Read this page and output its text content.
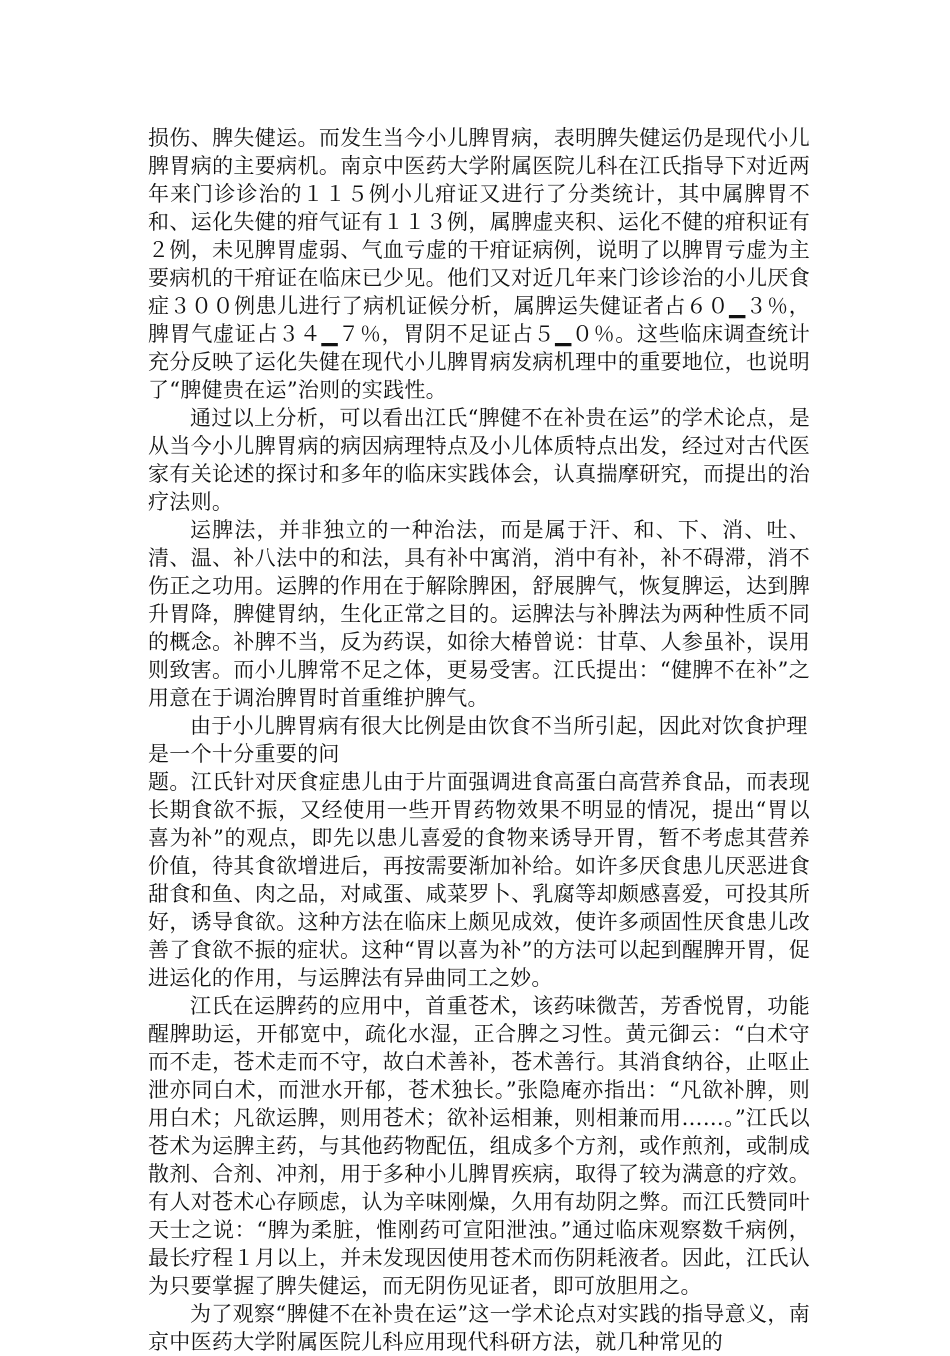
损伤、脾失健运。而发生当今小儿脾胃病，表明脾失健运仍是现代小儿脾胃病的主要病机。南京中医药大学附属医院儿科在江氏指导下对近两年来门诊诊治的１１５例小儿疳证又进行了分类统计，其中属脾胃不和、运化失健的疳气证有１１３例，属脾虚夹积、运化不健的疳积证有２例，未见脾胃虚弱、气血亏虚的干疳证病例，说明了以脾胃亏虚为主要病机的干疳证在临床已少见。他们又对近几年来门诊诊治的小儿厌食症３００例患儿进行了病机证候分析，属脾运失健证者占６０▁３％，脾胃气虚证占３４▁７％，胃阴不足证占５▁０％。这些临床调查统计充分反映了运化失健在现代小儿脾胃病发病机理中的重要地位，也说明了“脾健贵在运”治则的实践性。

通过以上分析，可以看出江氏“脾健不在补贵在运”的学术论点，是从当今小儿脾胃病的病因病理特点及小儿体质特点出发，经过对古代医家有关论述的探讨和多年的临床实践体会，认真揣摩研究，而提出的治疗法则。

运脾法，并非独立的一种治法，而是属于汗、和、下、消、吐、清、温、补八法中的和法，具有补中寓消，消中有补，补不碍滞，消不伤正之功用。运脾的作用在于解除脾困，舒展脾气，恢复脾运，达到脾升胃降，脾健胃纳，生化正常之目的。运脾法与补脾法为两种性质不同的概念。补脾不当，反为药误，如徐大椿曾说：甘草、人参虽补，误用则致害。而小儿脾常不足之体，更易受害。江氏提出：“健脾不在补”之用意在于调治脾胃时首重维护脾气。

由于小儿脾胃病有很大比例是由饮食不当所引起，因此对饮食护理是一个十分重要的问

题。江氏针对厌食症患儿由于片面强调进食高蛋白高营养食品，而表现长期食欲不振，又经使用一些开胃药物效果不明显的情况，提出“胃以喜为补”的观点，即先以患儿喜爱的食物来诱导开胃，暂不考虑其营养价值，待其食欲增进后，再按需要渐加补给。如许多厌食患儿厌恶进食甜食和鱼、肉之品，对咸蛋、咸菜罗卜、乳腐等却颇感喜爱，可投其所好，诱导食欲。这种方法在临床上颇见成效，使许多顽固性厌食患儿改善了食欲不振的症状。这种“胃以喜为补”的方法可以起到醒脾开胃，促进运化的作用，与运脾法有异曲同工之妙。

江氏在运脾药的应用中，首重苍术，该药味微苦，芳香悦胃，功能醒脾助运，开郁宽中，疏化水湿，正合脾之习性。黄元御云：“白术守而不走，苍术走而不守，故白术善补，苍术善行。其消食纳谷，止呕止泄亦同白术，而泄水开郁，苍术独长。”张隐庵亦指出：“凡欲补脾，则用白术；凡欲运脾，则用苍术；欲补运相兼，则相兼而用……。”江氏以苍术为运脾主药，与其他药物配伍，组成多个方剂，或作煎剂，或制成散剂、合剂、冲剂，用于多种小儿脾胃疾病，取得了较为满意的疗效。有人对苍术心存顾虑，认为辛味刚燥，久用有劫阴之弊。而江氏赞同叶天士之说：“脾为柔脏，惟刚药可宣阳泄浊。”通过临床观察数千病例，最长疗程１月以上，并未发现因使用苍术而伤阴耗液者。因此，江氏认为只要掌握了脾失健运，而无阴伤见证者，即可放胆用之。

为了观察“脾健不在补贵在运”这一学术论点对实践的指导意义，南京中医药大学附属医院儿科应用现代科研方法，就几种常见的
